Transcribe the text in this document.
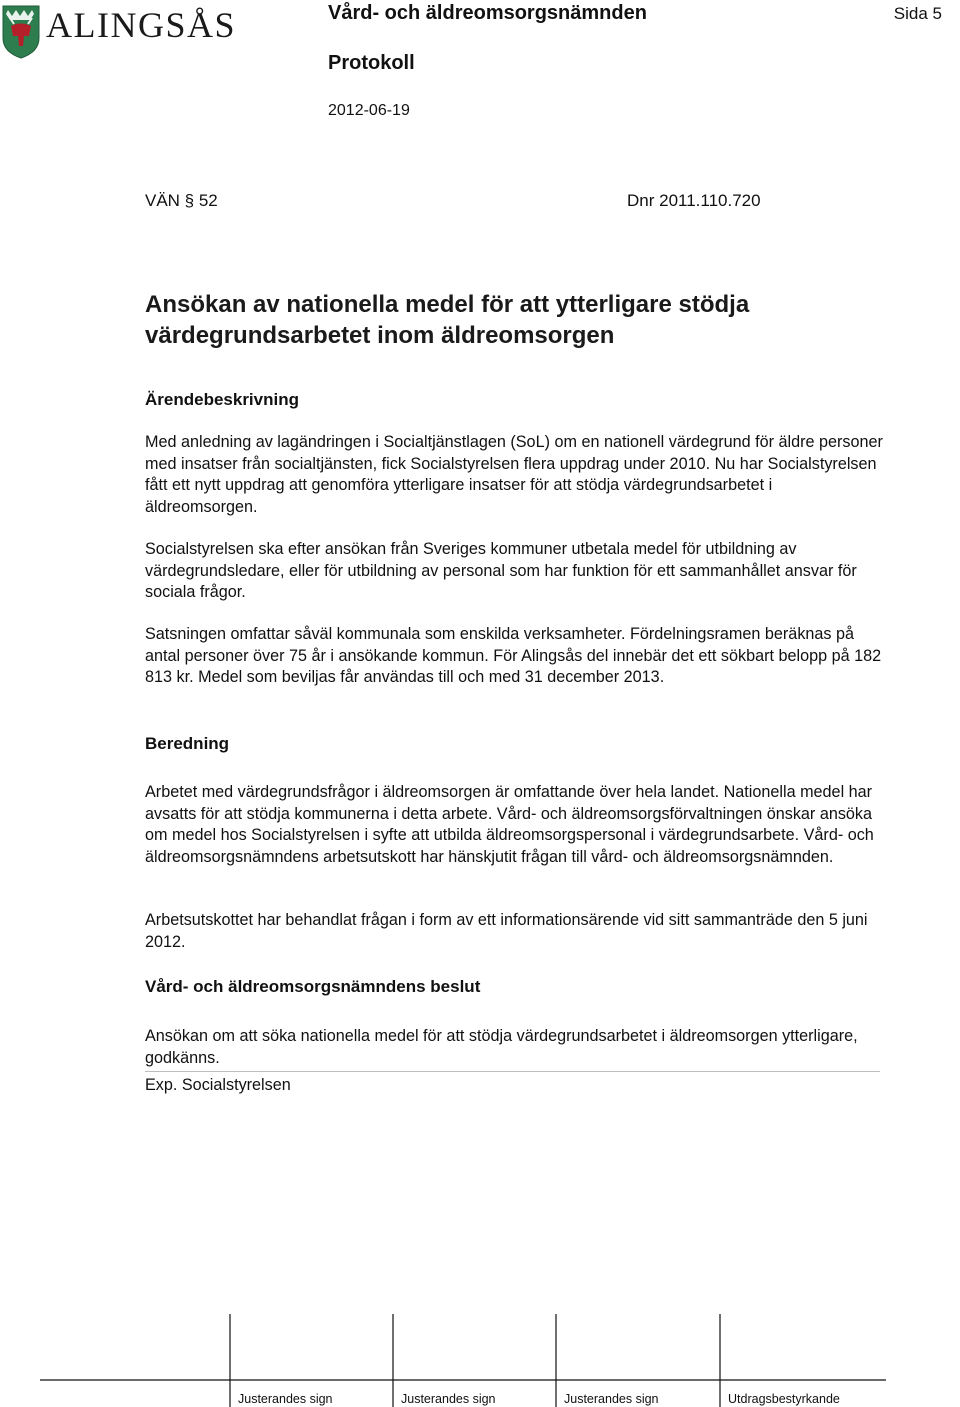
ALINGSÅS	Vård- och äldreomsorgsnämnden	Sida 5
Protokoll
2012-06-19
VÄN § 52	Dnr 2011.110.720
Ansökan av nationella medel för att ytterligare stödja värdegrundsarbetet inom äldreomsorgen
Ärendebeskrivning

Med anledning av lagändringen i Socialtjänstlagen (SoL) om en nationell värdegrund för äldre personer med insatser från socialtjänsten, fick Socialstyrelsen flera uppdrag under 2010. Nu har Socialstyrelsen fått ett nytt uppdrag att genomföra ytterligare insatser för att stödja värdegrundsarbetet i äldreomsorgen.

Socialstyrelsen ska efter ansökan från Sveriges kommuner utbetala medel för utbildning av värdegrundsledare, eller för utbildning av personal som har funktion för ett sammanhållet ansvar för sociala frågor.

Satsningen omfattar såväl kommunala som enskilda verksamheter. Fördelningsramen beräknas på antal personer över 75 år i ansökande kommun. För Alingsås del innebär det ett sökbart belopp på 182 813 kr. Medel som beviljas får användas till och med 31 december 2013.

Beredning

Arbetet med värdegrundsfrågor i äldreomsorgen är omfattande över hela landet. Nationella medel har avsatts för att stödja kommunerna i detta arbete. Vård- och äldreomsorgsförvaltningen önskar ansöka om medel hos Socialstyrelsen i syfte att utbilda äldreomsorgspersonal i värdegrundsarbete. Vård- och äldreomsorgsnämndens arbetsutskott har hänskjutit frågan till vård- och äldreomsorgsnämnden.

Arbetsutskottet har behandlat frågan i form av ett informationsärende vid sitt sammanträde den 5 juni 2012.

Vård- och äldreomsorgsnämndens beslut

Ansökan om att söka nationella medel för att stödja värdegrundsarbetet i äldreomsorgen ytterligare, godkänns.

Exp. Socialstyrelsen
Justerandes sign	Justerandes sign	Justerandes sign	Utdragsbestyrkande
